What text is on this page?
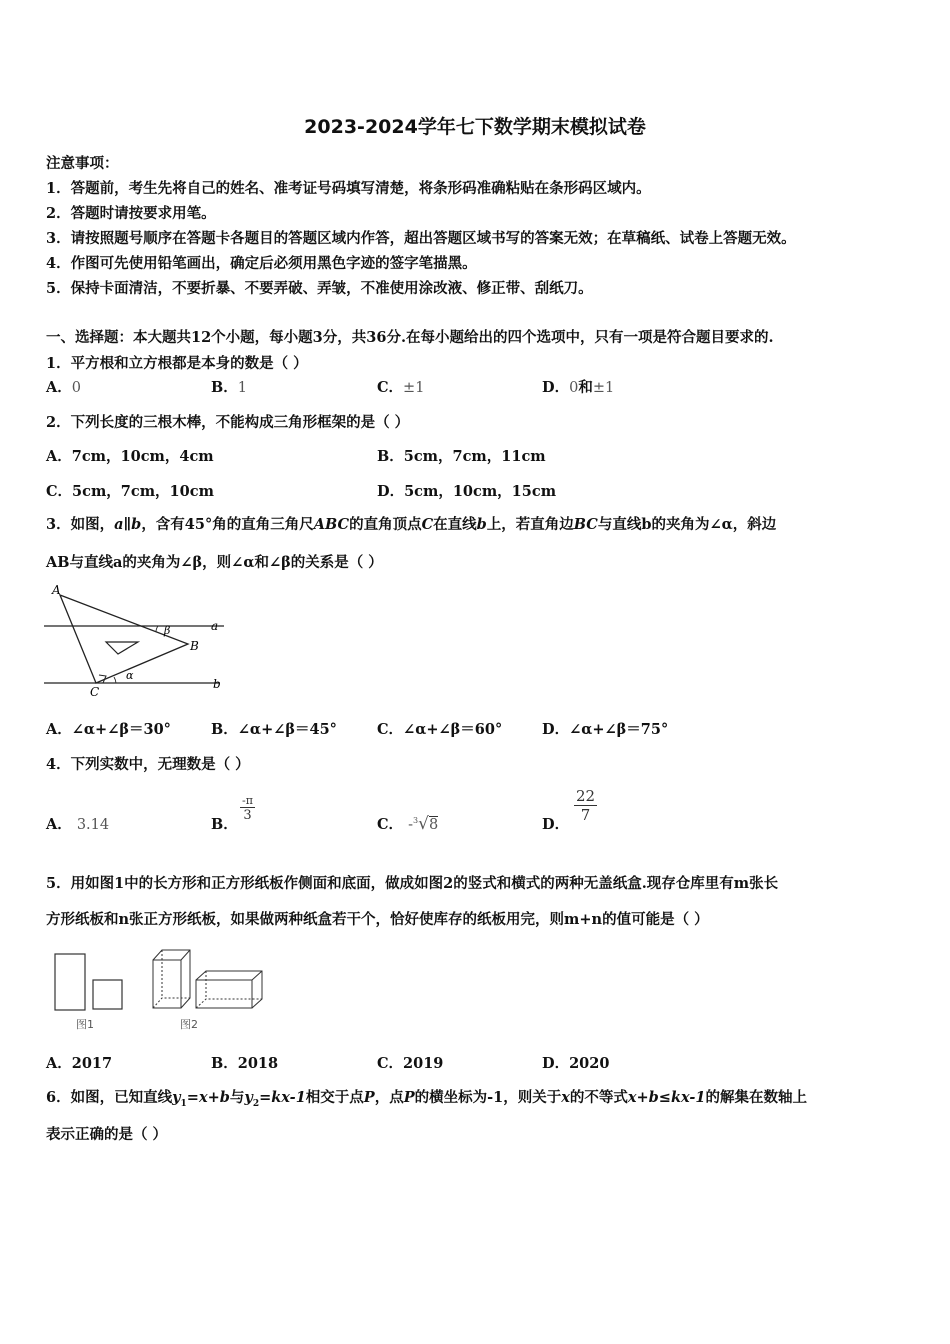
2023-2024学年七下数学期末模拟试卷
注意事项：
1．答题前，考生先将自己的姓名、准考证号码填写清楚，将条形码准确粘贴在条形码区域内。
2．答题时请按要求用笔。
3．请按照题号顺序在答题卡各题目的答题区域内作答，超出答题区域书写的答案无效；在草稿纸、试卷上答题无效。
4．作图可先使用铅笔画出，确定后必须用黑色字迹的签字笔描黑。
5．保持卡面清洁，不要折暴、不要弄破、弄皱，不准使用涂改液、修正带、刮纸刀。
一、选择题：本大题共12个小题，每小题3分，共36分.在每小题给出的四个选项中，只有一项是符合题目要求的.
1．平方根和立方根都是本身的数是（ ）
A．0	B．1	C．±1	D．0和±1
2．下列长度的三根木棒，不能构成三角形框架的是（ ）
A．7cm，10cm，4cm	B．5cm，7cm，11cm
C．5cm，7cm，10cm	D．5cm，10cm，15cm
3．如图，a∥b，含有45°角的直角三角尺ABC的直角顶点C在直线b上，若直角边BC与直线b的夹角为∠α，斜边
AB与直线a的夹角为∠β，则∠α和∠β的关系是（ ）
A
B
C
a
b
α
β
A．∠α+∠β＝30°	B．∠α+∠β＝45°	C．∠α+∠β＝60°	D．∠α+∠β＝75°
4．下列实数中，无理数是（ ）
A． 3.14	B．
-π
3
C． -$^3$√8	D．
$\frac{22}{7}$
5．用如图1中的长方形和正方形纸板作侧面和底面，做成如图2的竖式和横式的两种无盖纸盒.现存仓库里有m张长
方形纸板和n张正方形纸板，如果做两种纸盒若干个，恰好使库存的纸板用完，则m+n的值可能是（ ）
图1	图2
A．2017	B．2018	C．2019	D．2020
6．如图，已知直线$y_1=x+b$与$y_2=kx-1$相交于点P，点P的横坐标为-1，则关于x的不等式x+b≤kx-1的解集在数轴上
表示正确的是（ ）
